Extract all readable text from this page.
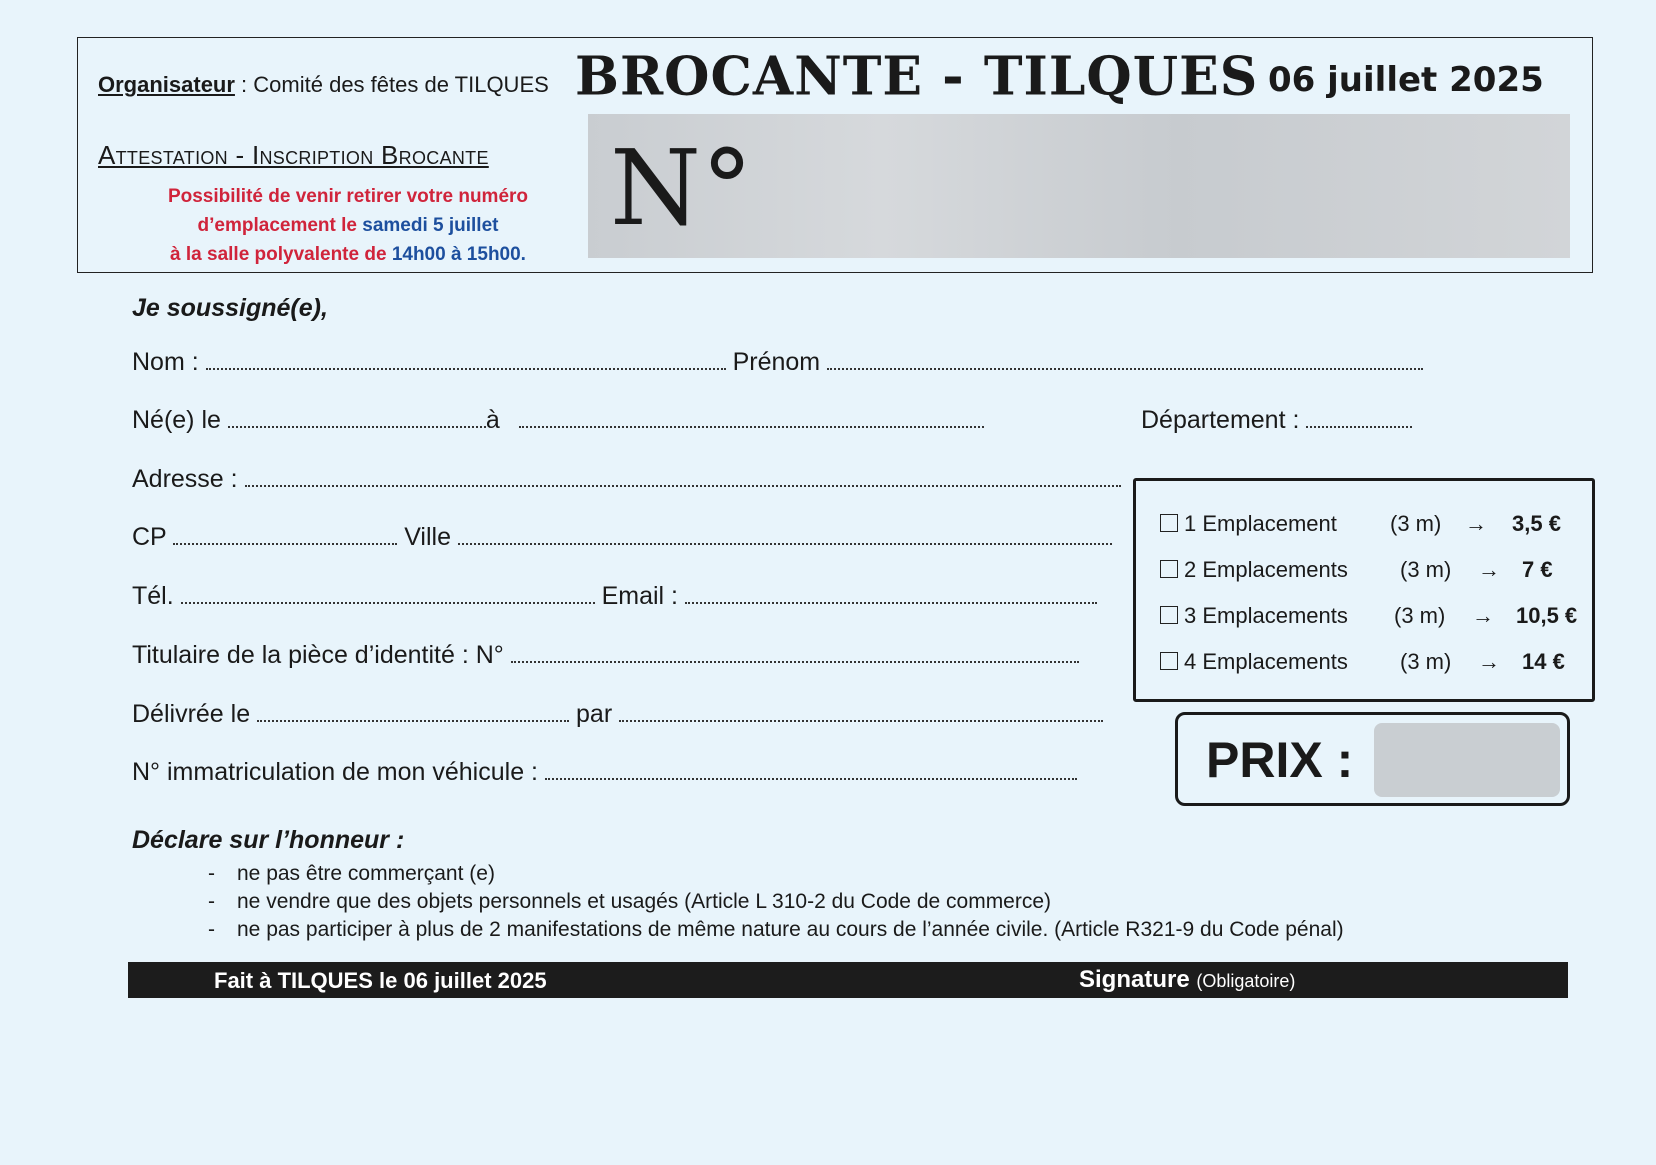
Organisateur : Comité des fêtes de TILQUES BROCANTE - TILQUES 06 juillet 2025
Attestation - Inscription Brocante
Possibilité de venir retirer votre numéro d’emplacement le samedi 5 juillet
à la salle polyvalente de 14h00 à 15h00.
N°
Je soussigné(e),
Nom :	Prénom
Né(e) le	à	Département :
Adresse :
CP	Ville
Tél.	Email :
Titulaire de la pièce d’identité : N°
Délivrée le	par
N° immatriculation de mon véhicule :
1 Emplacement (3 m) → 3,5 €
2 Emplacements (3 m) → 7 €
3 Emplacements (3 m) → 10,5 €
4 Emplacements (3 m) → 14 €
PRIX :
Déclare sur l’honneur :
- ne pas être commerçant (e)
- ne vendre que des objets personnels et usagés (Article L 310-2 du Code de commerce)
- ne pas participer à plus de 2 manifestations de même nature au cours de l’année civile. (Article R321-9 du Code pénal)
Fait à TILQUES le 06 juillet 2025	Signature (Obligatoire)
